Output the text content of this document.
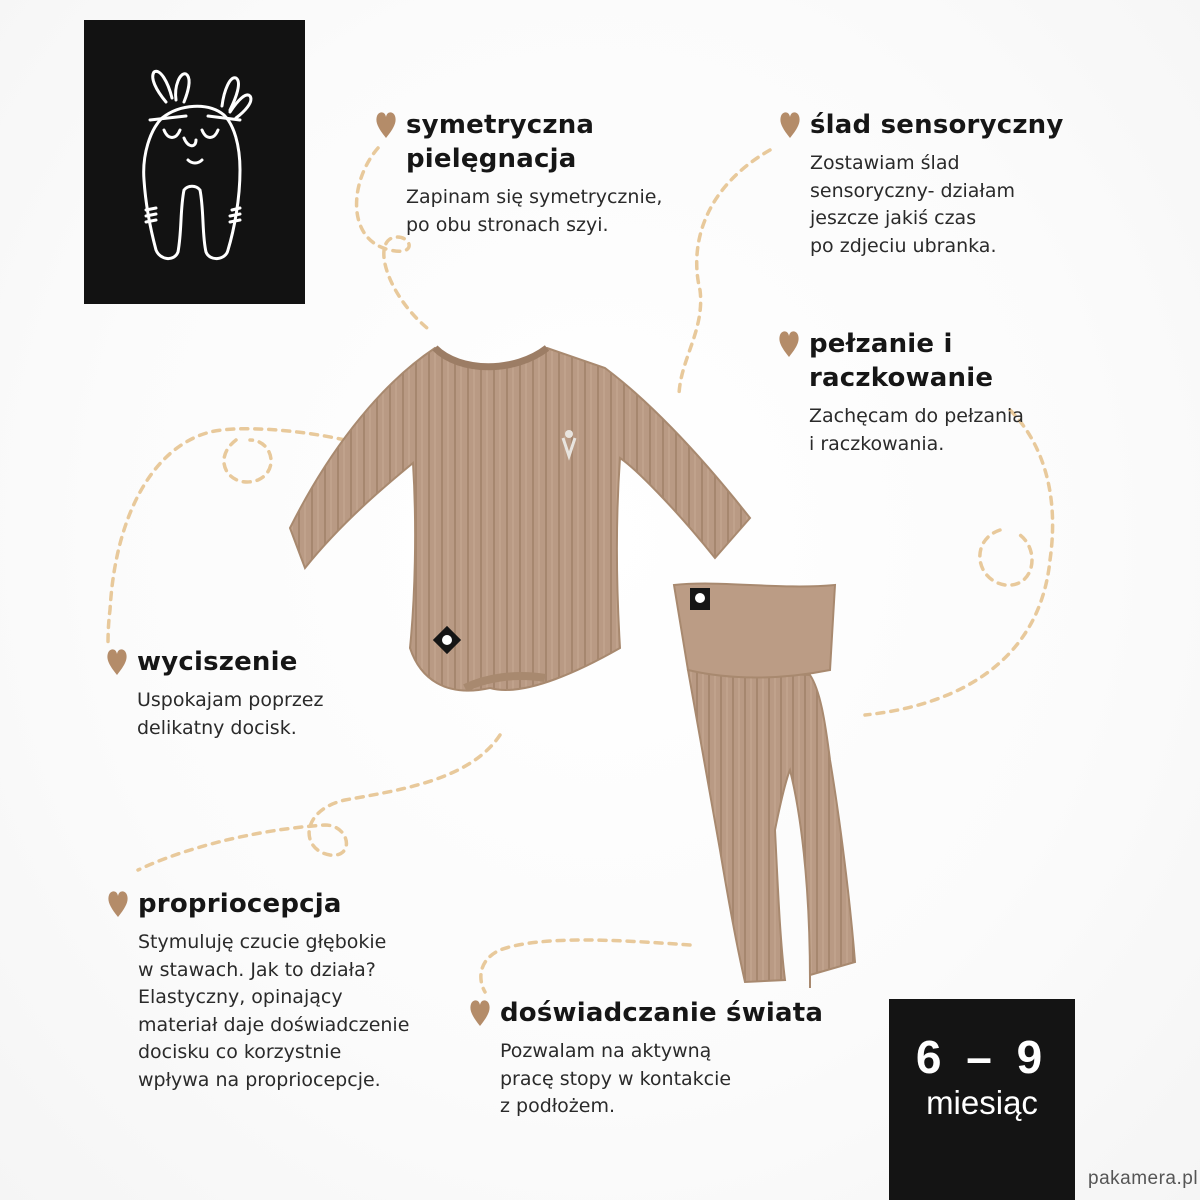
symetryczna
pielęgnacja

Zapinam się symetrycznie,
po obu stronach szyi.

ślad sensoryczny

Zostawiam ślad
sensoryczny- działam
jeszcze jakiś czas
po zdjeciu ubranka.

pełzanie i raczkowanie

Zachęcam do pełzania
i raczkowania.

wyciszenie

Uspokajam poprzez
delikatny docisk.

propriocepcja

Stymuluję czucie głębokie
w stawach. Jak to działa?
Elastyczny, opinający
materiał daje doświadczenie
docisku co korzystnie
wpływa na propriocepcje.

doświadczanie świata

Pozwalam na aktywną
pracę stopy w kontakcie
z podłożem.

6 – 9
miesiąc
pakamera.pl
